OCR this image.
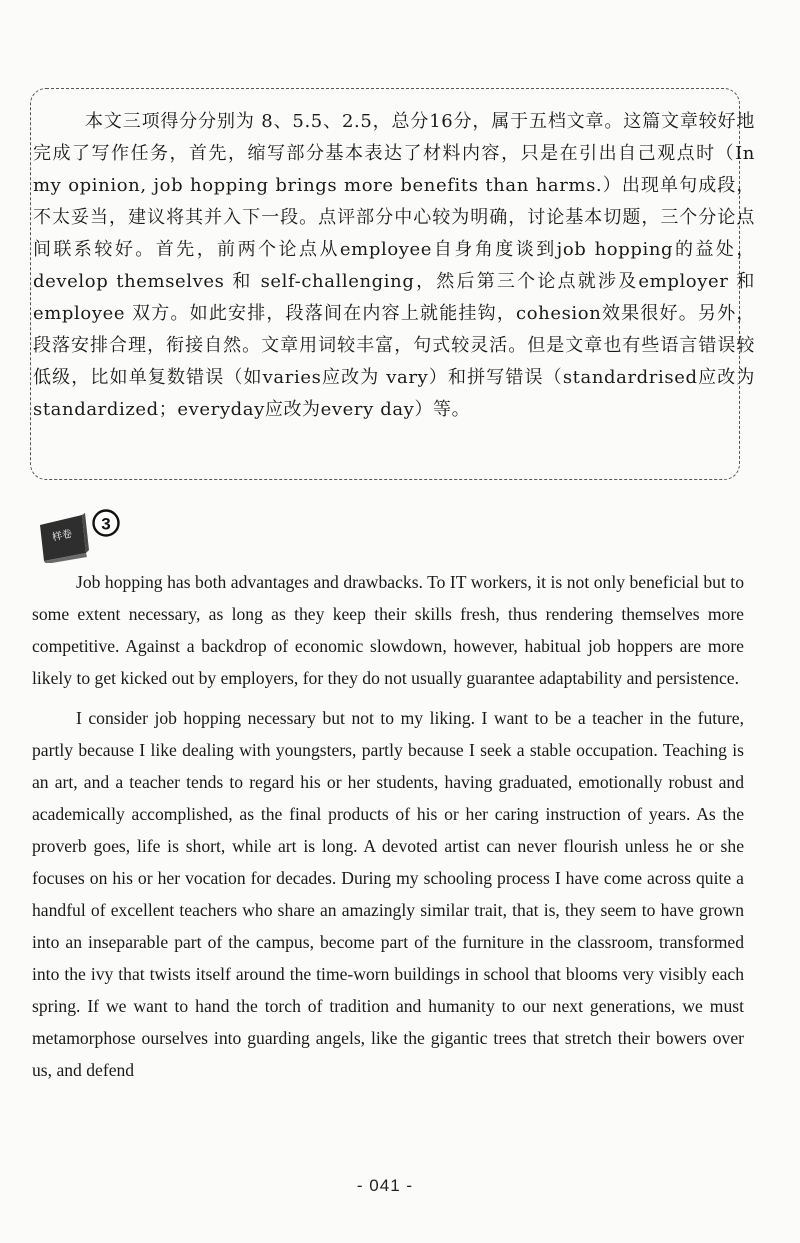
本文三项得分分别为 8、5.5、2.5，总分16分，属于五档文章。这篇文章较好地完成了写作任务，首先，缩写部分基本表达了材料内容，只是在引出自己观点时（In my opinion, job hopping brings more benefits than harms.）出现单句成段，不太妥当，建议将其并入下一段。点评部分中心较为明确，讨论基本切题，三个分论点间联系较好。首先，前两个论点从employee自身角度谈到job hopping的益处，develop themselves 和 self-challenging，然后第三个论点就涉及employer 和 employee 双方。如此安排，段落间在内容上就能挂钩，cohesion效果很好。另外，段落安排合理，衔接自然。文章用词较丰富，句式较灵活。但是文章也有些语言错误较低级，比如单复数错误（如varies应改为 vary）和拼写错误（standardrised应改为standardized；everyday应改为every day）等。

样卷
3

Job hopping has both advantages and drawbacks. To IT workers, it is not only beneficial but to some extent necessary, as long as they keep their skills fresh, thus rendering themselves more competitive. Against a backdrop of economic slowdown, however, habitual job hoppers are more likely to get kicked out by employers, for they do not usually guarantee adaptability and persistence.

I consider job hopping necessary but not to my liking. I want to be a teacher in the future, partly because I like dealing with youngsters, partly because I seek a stable occupation. Teaching is an art, and a teacher tends to regard his or her students, having graduated, emotionally robust and academically accomplished, as the final products of his or her caring instruction of years. As the proverb goes, life is short, while art is long. A devoted artist can never flourish unless he or she focuses on his or her vocation for decades. During my schooling process I have come across quite a handful of excellent teachers who share an amazingly similar trait, that is, they seem to have grown into an inseparable part of the campus, become part of the furniture in the classroom, transformed into the ivy that twists itself around the time-worn buildings in school that blooms very visibly each spring. If we want to hand the torch of tradition and humanity to our next generations, we must metamorphose ourselves into guarding angels, like the gigantic trees that stretch their bowers over us, and defend

- 041 -
